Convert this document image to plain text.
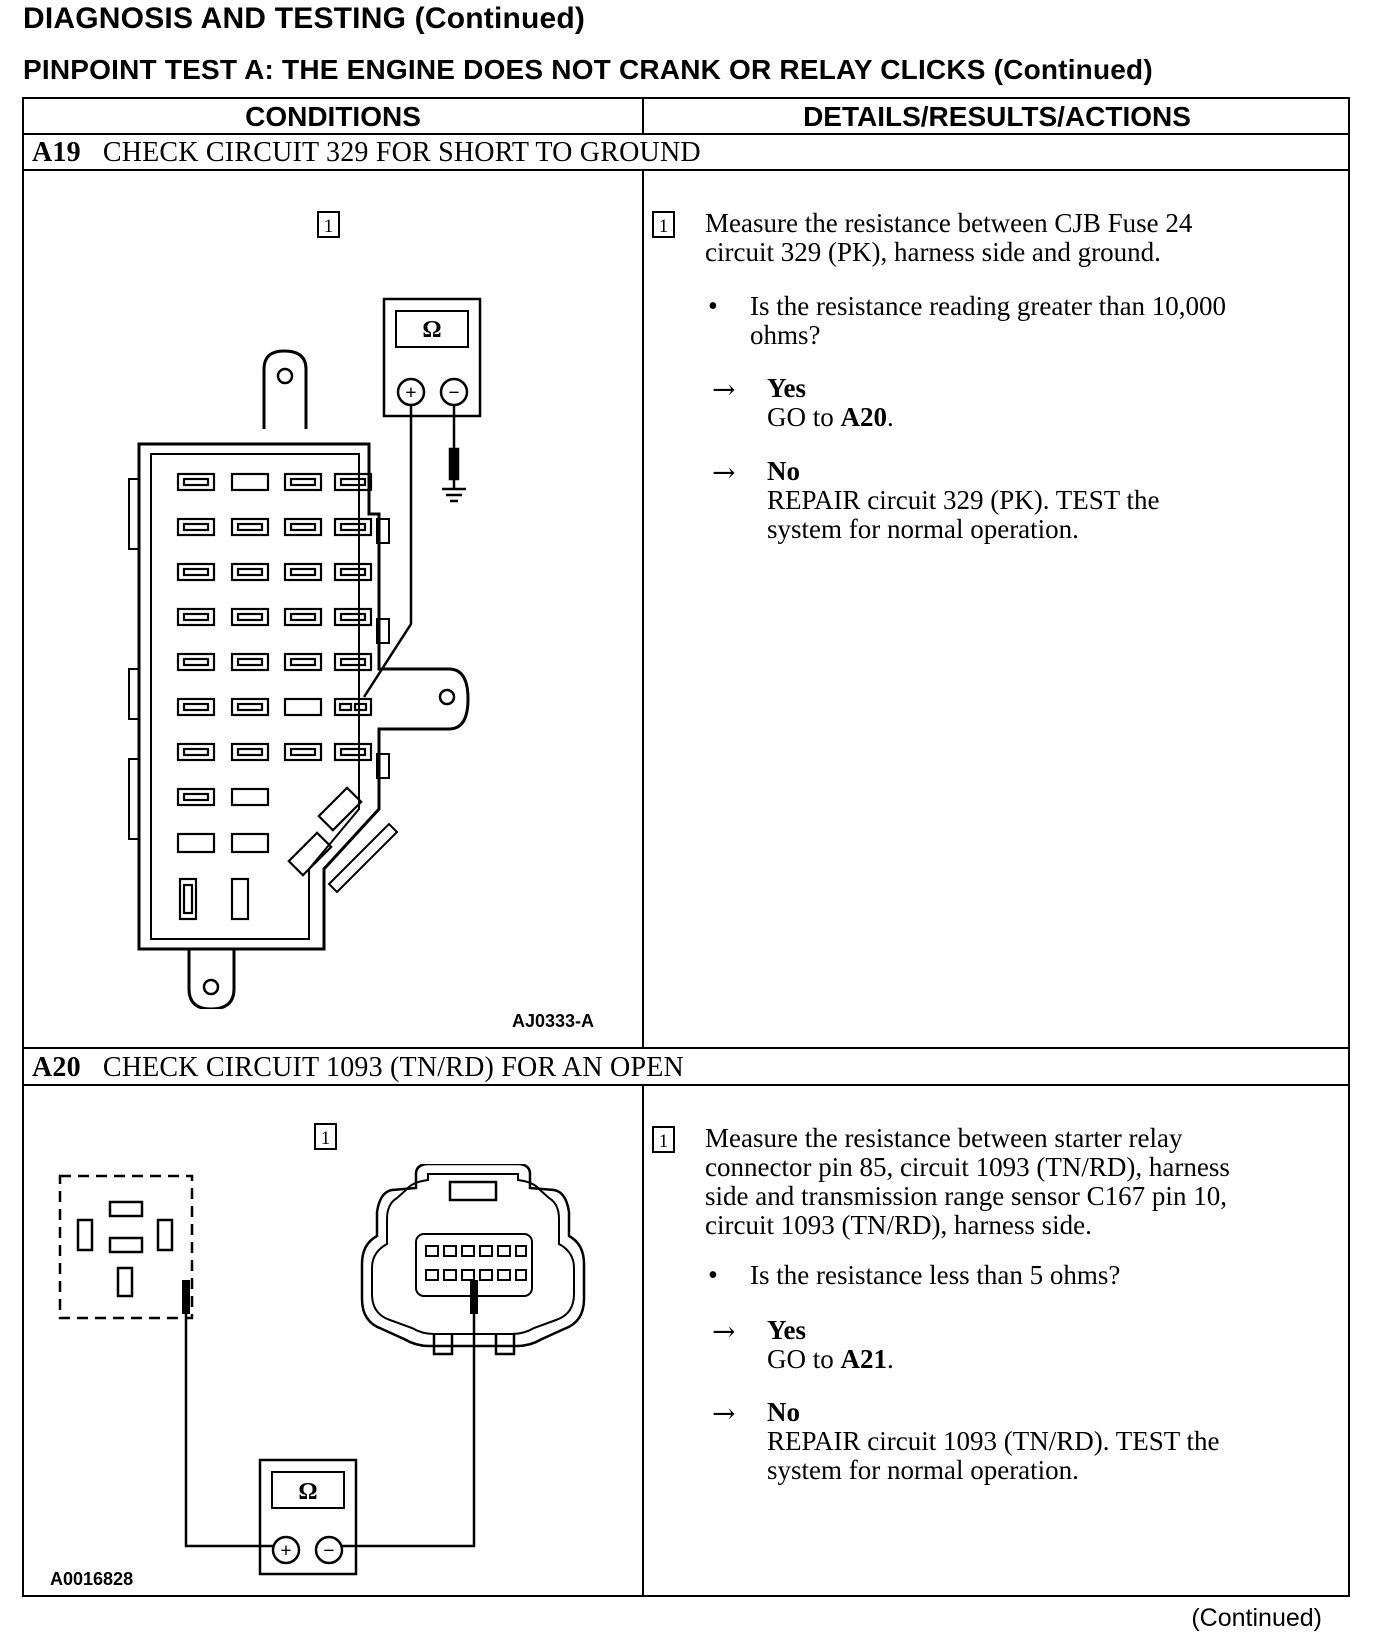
DIAGNOSIS AND TESTING (Continued)
PINPOINT TEST A: THE ENGINE DOES NOT CRANK OR RELAY CLICKS (Continued)
CONDITIONS	DETAILS/RESULTS/ACTIONS
A19 CHECK CIRCUIT 329 FOR SHORT TO GROUND
1
Ω
+ −
AJ0333-A
1 Measure the resistance between CJB Fuse 24
circuit 329 (PK), harness side and ground.
• Is the resistance reading greater than 10,000
ohms?
→ Yes
GO to A20.
→ No
REPAIR circuit 329 (PK). TEST the
system for normal operation.
A20 CHECK CIRCUIT 1093 (TN/RD) FOR AN OPEN
1
Ω
+ −
A0016828
1 Measure the resistance between starter relay
connector pin 85, circuit 1093 (TN/RD), harness
side and transmission range sensor C167 pin 10,
circuit 1093 (TN/RD), harness side.
• Is the resistance less than 5 ohms?
→ Yes
GO to A21.
→ No
REPAIR circuit 1093 (TN/RD). TEST the
system for normal operation.
(Continued)
